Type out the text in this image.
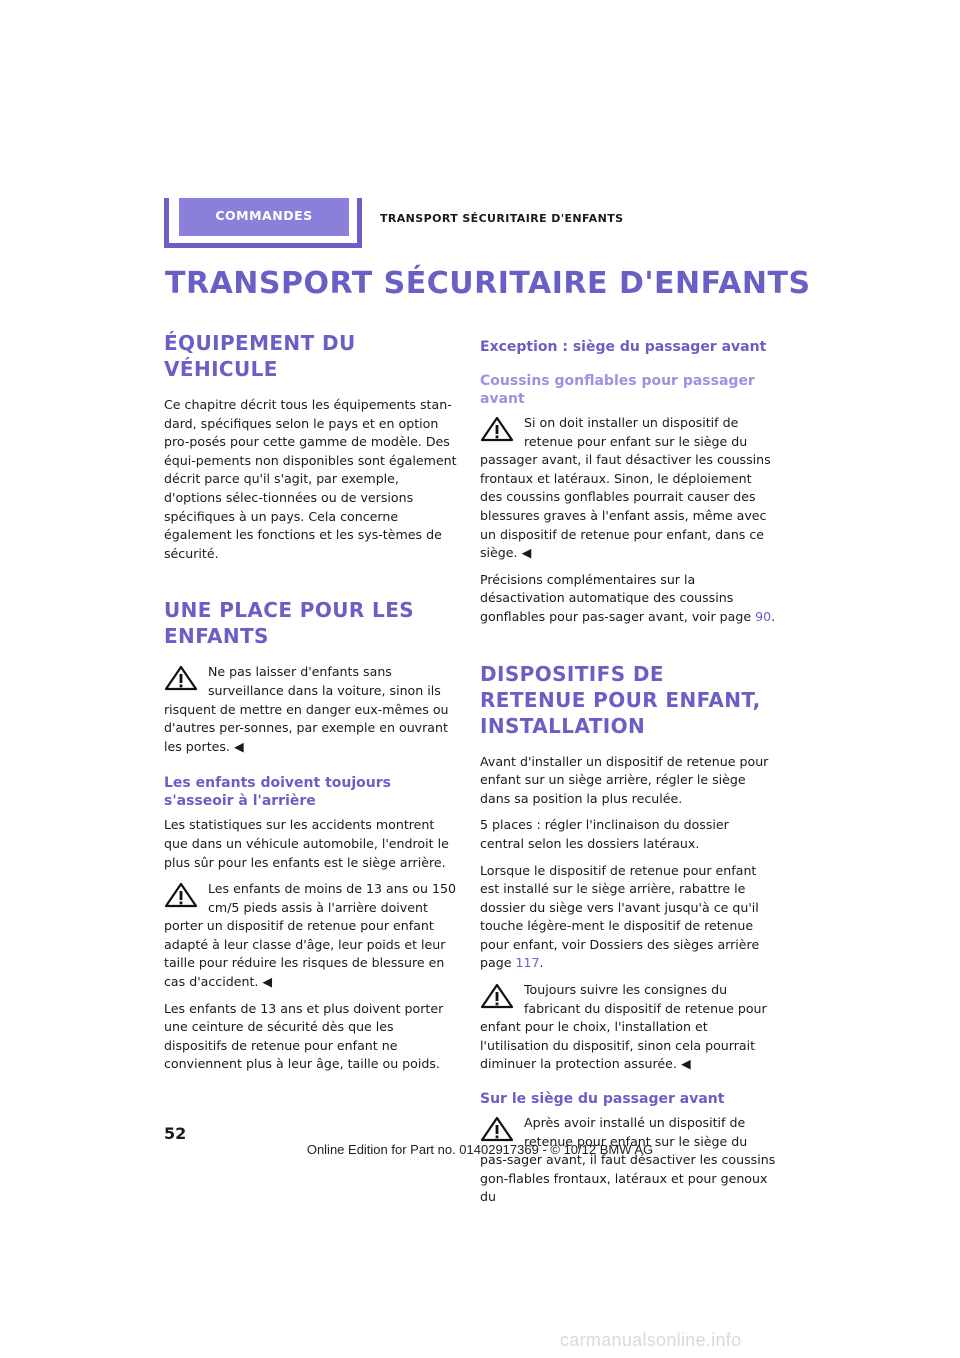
COMMANDES	TRANSPORT SÉCURITAIRE D'ENFANTS
TRANSPORT SÉCURITAIRE D'ENFANTS
ÉQUIPEMENT DU VÉHICULE

Ce chapitre décrit tous les équipements stan-dard, spécifiques selon le pays et en option pro-posés pour cette gamme de modèle. Des équi-pements non disponibles sont également décrit parce qu'il s'agit, par exemple, d'options sélec-tionnées ou de versions spécifiques à un pays. Cela concerne également les fonctions et les sys-tèmes de sécurité.

UNE PLACE POUR LES ENFANTS

Ne pas laisser d'enfants sans surveillance dans la voiture, sinon ils risquent de mettre en danger eux-mêmes ou d'autres per-sonnes, par exemple en ouvrant les portes. ◀

Les enfants doivent toujours s'asseoir à l'arrière

Les statistiques sur les accidents montrent que dans un véhicule automobile, l'endroit le plus sûr pour les enfants est le siège arrière.

Les enfants de moins de 13 ans ou 150 cm/5 pieds assis à l'arrière doivent porter un dispositif de retenue pour enfant adapté à leur classe d'âge, leur poids et leur taille pour réduire les risques de blessure en cas d'accident. ◀

Les enfants de 13 ans et plus doivent porter une ceinture de sécurité dès que les dispositifs de retenue pour enfant ne conviennent plus à leur âge, taille ou poids.

Exception : siège du passager avant
Coussins gonflables pour passager avant

Si on doit installer un dispositif de retenue pour enfant sur le siège du passager avant, il faut désactiver les coussins frontaux et latéraux. Sinon, le déploiement des coussins gonflables pourrait causer des blessures graves à l'enfant assis, même avec un dispositif de retenue pour enfant, dans ce siège. ◀

Précisions complémentaires sur la désactivation automatique des coussins gonflables pour pas-sager avant, voir page 90.

DISPOSITIFS DE RETENUE POUR ENFANT, INSTALLATION

Avant d'installer un dispositif de retenue pour enfant sur un siège arrière, régler le siège dans sa position la plus reculée.

5 places : régler l'inclinaison du dossier central selon les dossiers latéraux.

Lorsque le dispositif de retenue pour enfant est installé sur le siège arrière, rabattre le dossier du siège vers l'avant jusqu'à ce qu'il touche légère-ment le dispositif de retenue pour enfant, voir Dossiers des sièges arrière page 117.

Toujours suivre les consignes du fabricant du dispositif de retenue pour enfant pour le choix, l'installation et l'utilisation du dispositif, sinon cela pourrait diminuer la protection assurée. ◀

Sur le siège du passager avant

Après avoir installé un dispositif de retenue pour enfant sur le siège du pas-sager avant, il faut désactiver les coussins gon-flables frontaux, latéraux et pour genoux du

52
Online Edition for Part no. 01402917369 - © 10/12 BMW AG
carmanualsonline.info
